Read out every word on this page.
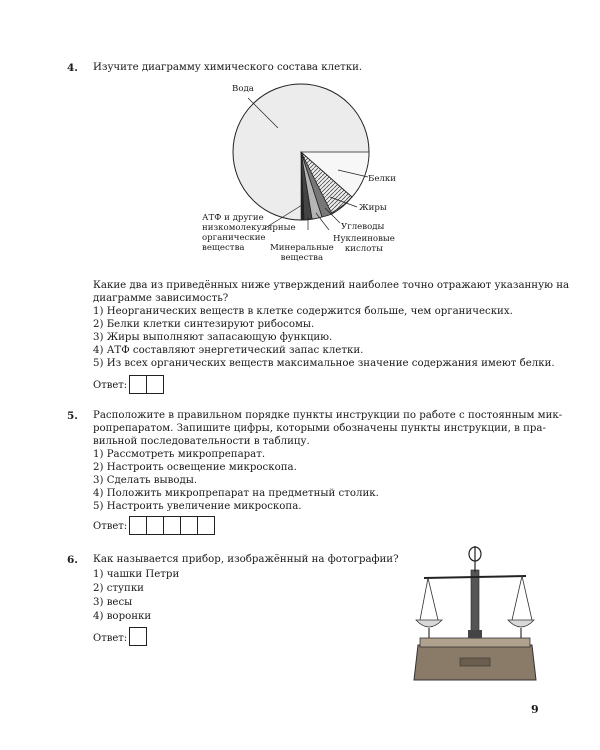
4. Изучите диаграмму химического состава клетки.
Вода
Белки
Жиры
Углеводы
Нуклеиновые
кислоты
Минеральные
вещества
АТФ и другие
низкомолекулярные
органические
вещества
Какие два из приведённых ниже утверждений наиболее точно отражают указанную на
диаграмме зависимость?
1) Неорганических веществ в клетке содержится больше, чем органических.
2) Белки клетки синтезируют рибосомы.
3) Жиры выполняют запасающую функцию.
4) АТФ составляют энергетический запас клетки.
5) Из всех органических веществ максимальное значение содержания имеют белки.
Ответ:
5. Расположите в правильном порядке пункты инструкции по работе с постоянным мик-
ропрепаратом. Запишите цифры, которыми обозначены пункты инструкции, в пра-
вильной последовательности в таблицу.
1) Рассмотреть микропрепарат.
2) Настроить освещение микроскопа.
3) Сделать выводы.
4) Положить микропрепарат на предметный столик.
5) Настроить увеличение микроскопа.
Ответ:
6. Как называется прибор, изображённый на фотографии?
1) чашки Петри
2) ступки
3) весы
4) воронки
Ответ:
9
